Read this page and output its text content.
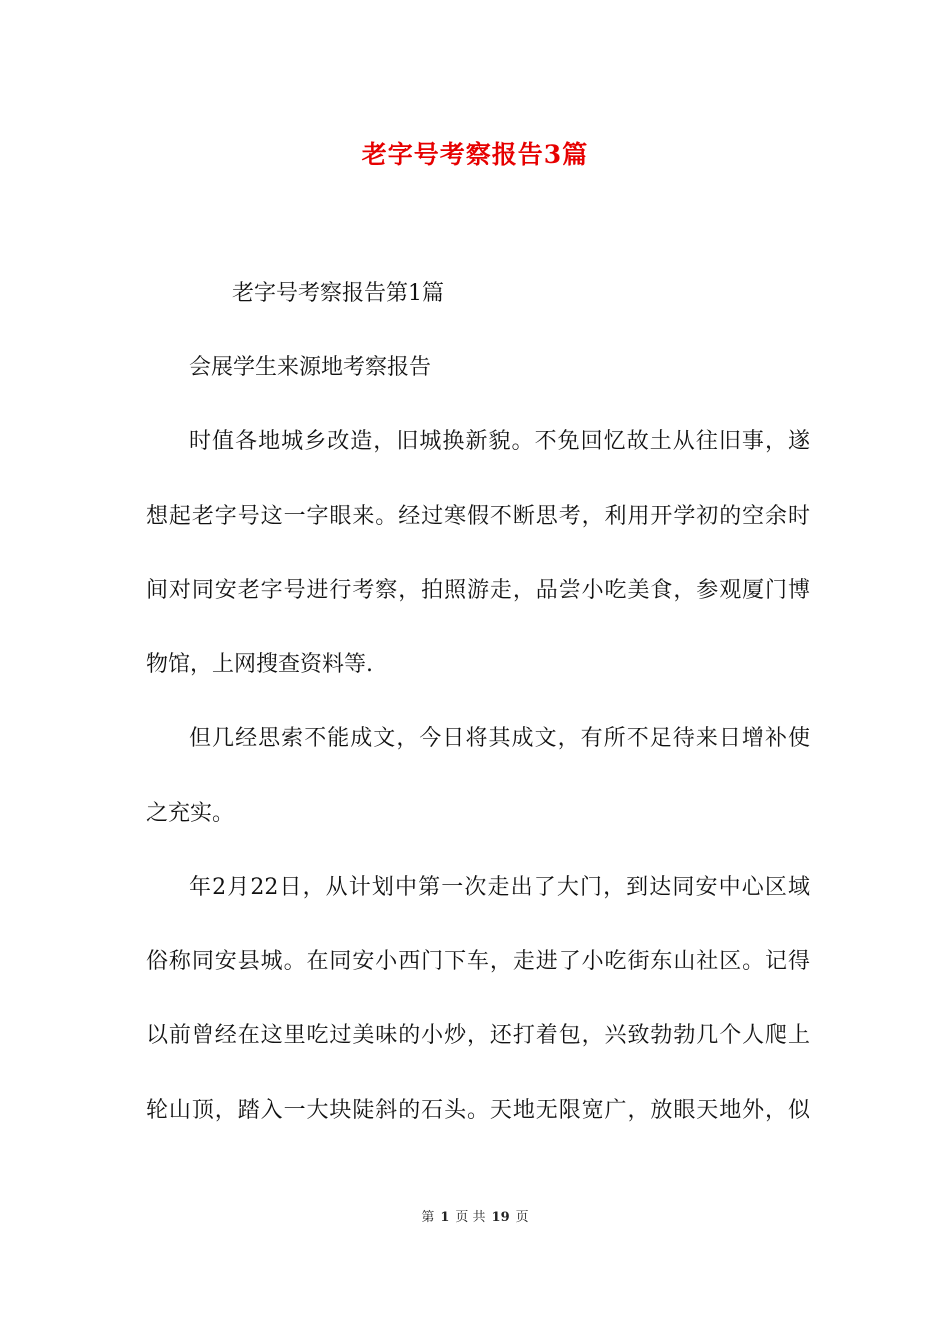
老字号考察报告3篇
老字号考察报告第1篇
会展学生来源地考察报告
时值各地城乡改造，旧城换新貌。不免回忆故土从往旧事，遂
想起老字号这一字眼来。经过寒假不断思考，利用开学初的空余时
间对同安老字号进行考察，拍照游走，品尝小吃美食，参观厦门博
物馆，上网搜查资料等.
但几经思索不能成文，今日将其成文，有所不足待来日增补使
之充实。
年2月22日，从计划中第一次走出了大门，到达同安中心区域
俗称同安县城。在同安小西门下车，走进了小吃街东山社区。记得
以前曾经在这里吃过美味的小炒，还打着包，兴致勃勃几个人爬上
轮山顶，踏入一大块陡斜的石头。天地无限宽广，放眼天地外，似
第 1 页 共 19 页
